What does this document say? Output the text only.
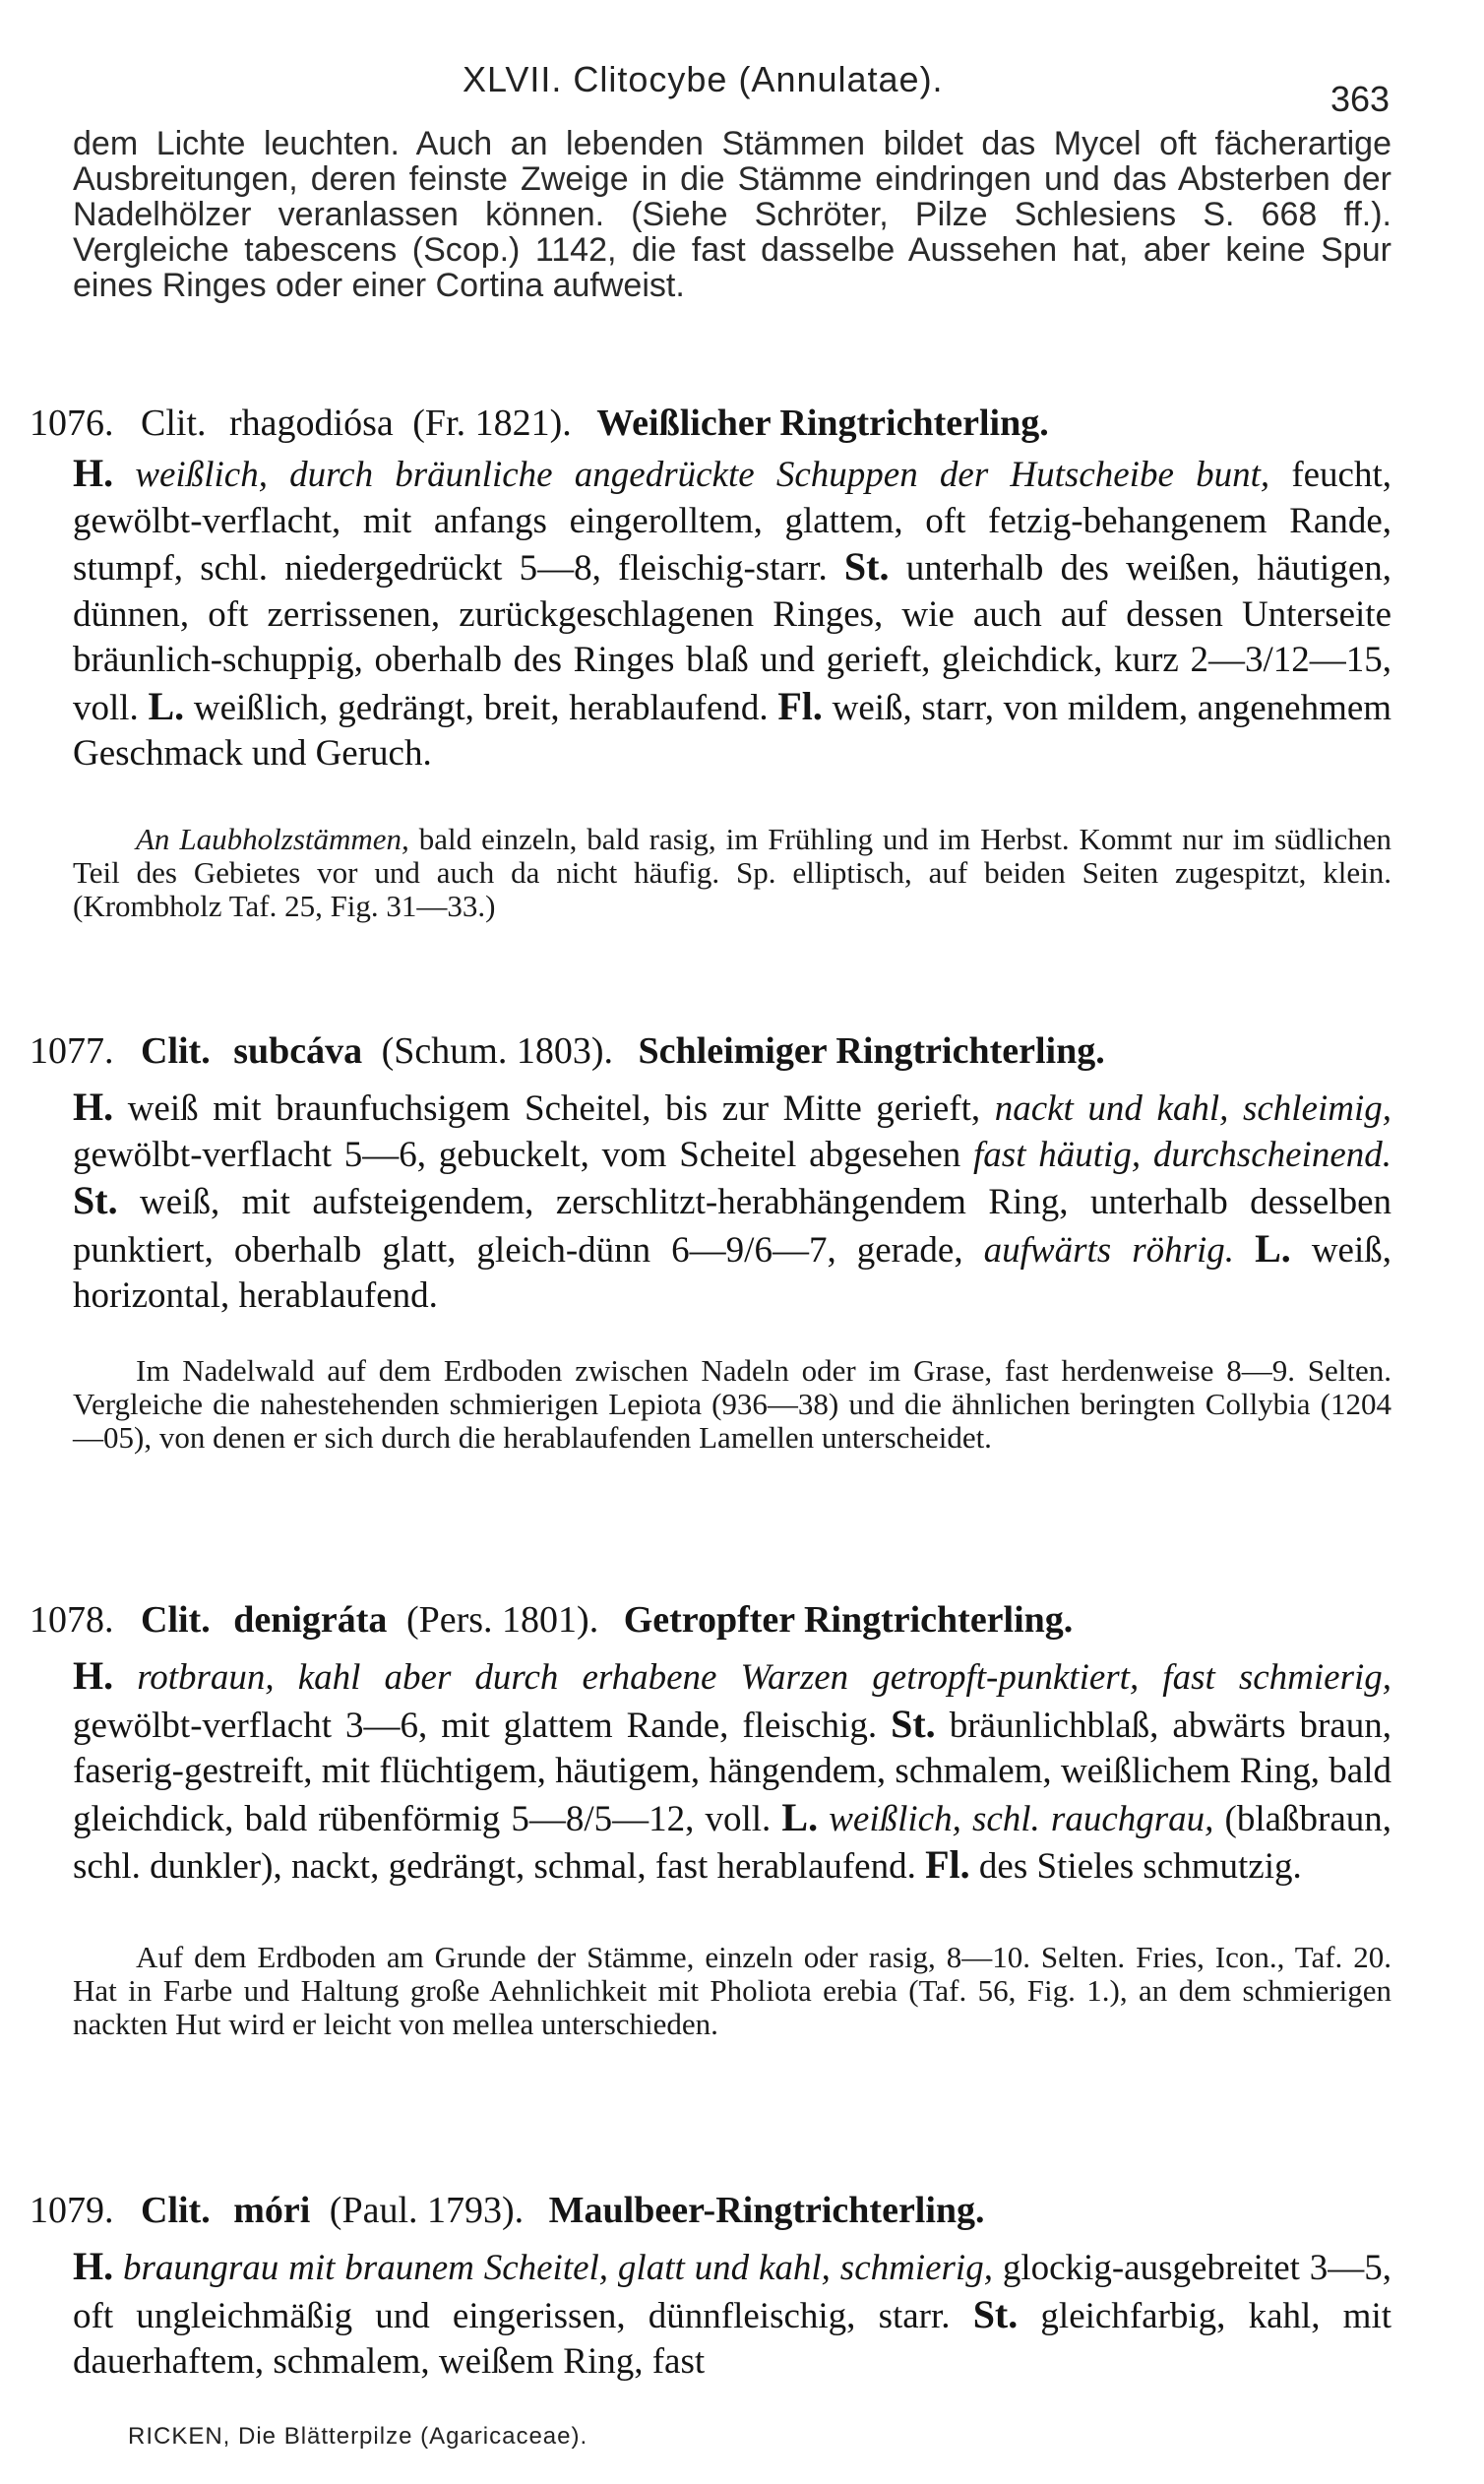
XLVII. Clitocybe (Annulatae).	363
dem Lichte leuchten. Auch an lebenden Stämmen bildet das Mycel oft fächerartige Ausbreitungen, deren feinste Zweige in die Stämme eindringen und das Absterben der Nadelhölzer veranlassen können. (Siehe Schröter, Pilze Schlesiens S. 668 ff.). Vergleiche tabescens (Scop.) 1142, die fast dasselbe Aussehen hat, aber keine Spur eines Ringes oder einer Cortina aufweist.
1076. Clit. rhagodiósa (Fr. 1821). Weißlicher Ringtrichterling.
H. weißlich, durch bräunliche angedrückte Schuppen der Hutscheibe bunt, feucht, gewölbt-verflacht, mit anfangs eingerolltem, glattem, oft fetzig-behangenem Rande, stumpf, schl. niedergedrückt 5—8, fleischig-starr. St. unterhalb des weißen, häutigen, dünnen, oft zerrissenen, zurückgeschlagenen Ringes, wie auch auf dessen Unterseite bräunlich-schuppig, oberhalb des Ringes blaß und gerieft, gleichdick, kurz 2—3/12—15, voll. L. weißlich, gedrängt, breit, herablaufend. Fl. weiß, starr, von mildem, angenehmem Geschmack und Geruch.
An Laubholzstämmen, bald einzeln, bald rasig, im Frühling und im Herbst. Kommt nur im südlichen Teil des Gebietes vor und auch da nicht häufig. Sp. elliptisch, auf beiden Seiten zugespitzt, klein. (Krombholz Taf. 25, Fig. 31—33.)
1077. Clit. subcáva (Schum. 1803). Schleimiger Ringtrichterling.
H. weiß mit braunfuchsigem Scheitel, bis zur Mitte gerieft, nackt und kahl, schleimig, gewölbt-verflacht 5—6, gebuckelt, vom Scheitel abgesehen fast häutig, durchscheinend. St. weiß, mit aufsteigendem, zerschlitzt-herabhängendem Ring, unterhalb desselben punktiert, oberhalb glatt, gleich-dünn 6—9/6—7, gerade, aufwärts röhrig. L. weiß, horizontal, herablaufend.
Im Nadelwald auf dem Erdboden zwischen Nadeln oder im Grase, fast herdenweise 8—9. Selten. Vergleiche die nahestehenden schmierigen Lepiota (936—38) und die ähnlichen beringten Collybia (1204—05), von denen er sich durch die herablaufenden Lamellen unterscheidet.
1078. Clit. denigráta (Pers. 1801). Getropfter Ringtrichterling.
H. rotbraun, kahl aber durch erhabene Warzen getropft-punktiert, fast schmierig, gewölbt-verflacht 3—6, mit glattem Rande, fleischig. St. bräunlichblaß, abwärts braun, faserig-gestreift, mit flüchtigem, häutigem, hängendem, schmalem, weißlichem Ring, bald gleichdick, bald rübenförmig 5—8/5—12, voll. L. weißlich, schl. rauchgrau, (blaßbraun, schl. dunkler), nackt, gedrängt, schmal, fast herablaufend. Fl. des Stieles schmutzig.
Auf dem Erdboden am Grunde der Stämme, einzeln oder rasig, 8—10. Selten. Fries, Icon., Taf. 20. Hat in Farbe und Haltung große Aehnlichkeit mit Pholiota erebia (Taf. 56, Fig. 1.), an dem schmierigen nackten Hut wird er leicht von mellea unterschieden.
1079. Clit. móri (Paul. 1793). Maulbeer-Ringtrichterling.
H. braungrau mit braunem Scheitel, glatt und kahl, schmierig, glockig-ausgebreitet 3—5, oft ungleichmäßig und eingerissen, dünnfleischig, starr. St. gleichfarbig, kahl, mit dauerhaftem, schmalem, weißem Ring, fast
RICKEN, Die Blätterpilze (Agaricaceae).
